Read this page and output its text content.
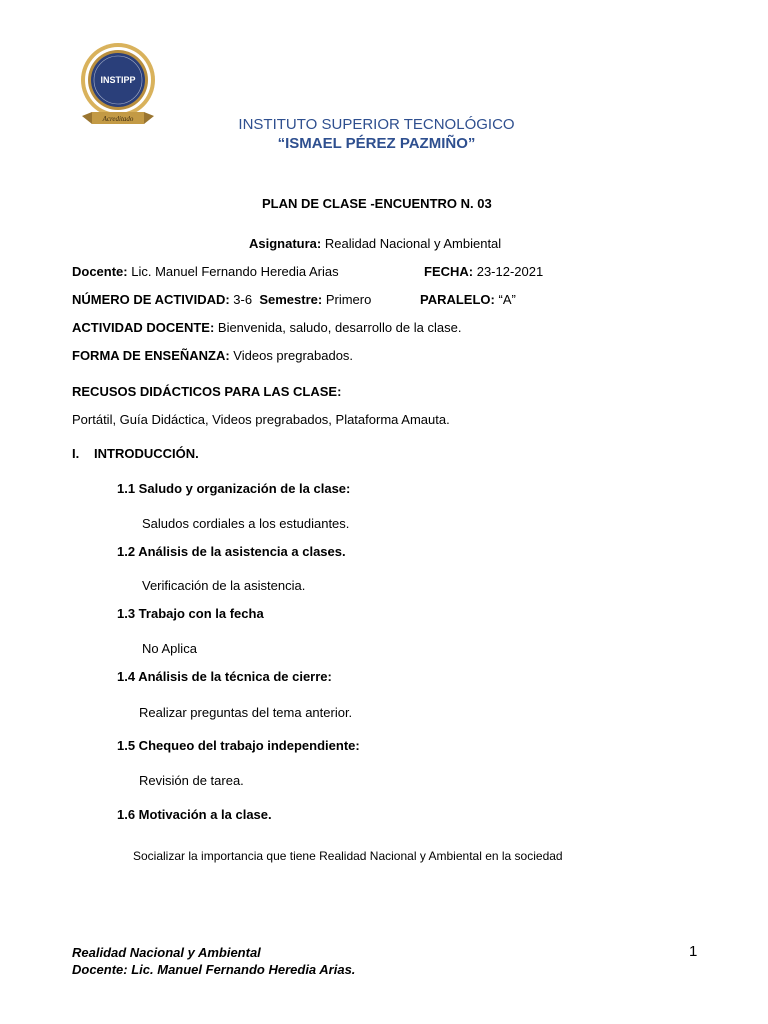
INSTIPP
Acreditado	INSTITUTO SUPERIOR TECNOLÓGICO
“ISMAEL PÉREZ PAZMIÑO”
PLAN DE CLASE -ENCUENTRO N. 03
Asignatura: Realidad Nacional y Ambiental
Docente: Lic. Manuel Fernando Heredia Arias	FECHA: 23-12-2021
NÚMERO DE ACTIVIDAD: 3-6 Semestre: Primero	PARALELO: “A”
ACTIVIDAD DOCENTE: Bienvenida, saludo, desarrollo de la clase.
FORMA DE ENSEÑANZA: Videos pregrabados.
RECUSOS DIDÁCTICOS PARA LAS CLASE:
Portátil, Guía Didáctica, Videos pregrabados, Plataforma Amauta.
I. INTRODUCCIÓN.
1.1 Saludo y organización de la clase:
Saludos cordiales a los estudiantes.
1.2 Análisis de la asistencia a clases.
Verificación de la asistencia.
1.3 Trabajo con la fecha
No Aplica
1.4 Análisis de la técnica de cierre:
Realizar preguntas del tema anterior.
1.5 Chequeo del trabajo independiente:
Revisión de tarea.
1.6 Motivación a la clase.
Socializar la importancia que tiene Realidad Nacional y Ambiental en la sociedad
Realidad Nacional y Ambiental
Docente: Lic. Manuel Fernando Heredia Arias.
1
